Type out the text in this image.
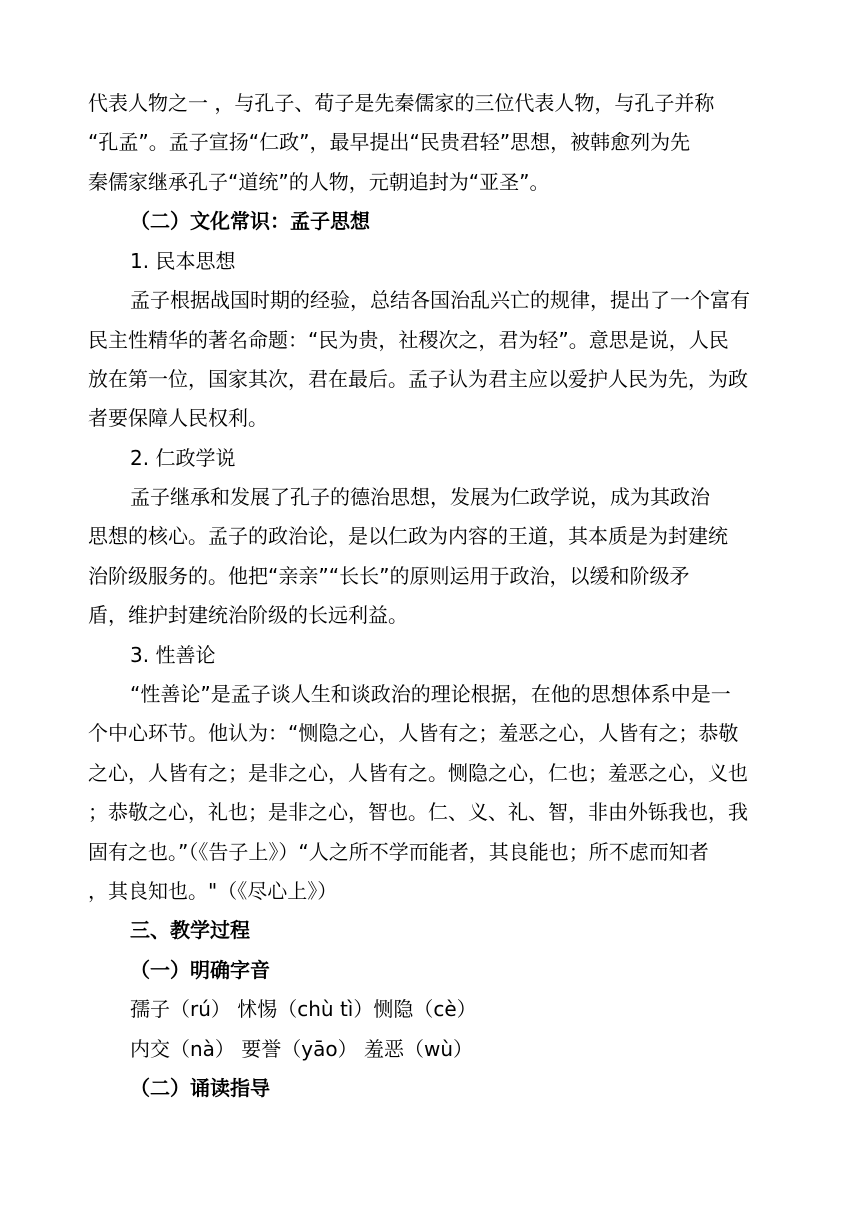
代表人物之一 ，与孔子、荀子是先秦儒家的三位代表人物，与孔子并称
“孔孟”。孟子宣扬“仁政”，最早提出“民贵君轻”思想，被韩愈列为先
秦儒家继承孔子“道统”的人物，元朝追封为“亚圣”。
（二）文化常识：孟子思想
1. 民本思想
孟子根据战国时期的经验，总结各国治乱兴亡的规律，提出了一个富有
民主性精华的著名命题：“民为贵，社稷次之，君为轻”。意思是说，人民
放在第一位，国家其次，君在最后。孟子认为君主应以爱护人民为先，为政
者要保障人民权利。
2. 仁政学说
孟子继承和发展了孔子的德治思想，发展为仁政学说，成为其政治
思想的核心。孟子的政治论，是以仁政为内容的王道，其本质是为封建统
治阶级服务的。他把“亲亲”“长长”的原则运用于政治，以缓和阶级矛
盾，维护封建统治阶级的长远利益。
3. 性善论
“性善论”是孟子谈人生和谈政治的理论根据，在他的思想体系中是一
个中心环节。他认为：“恻隐之心，人皆有之；羞恶之心，人皆有之；恭敬
之心，人皆有之；是非之心，人皆有之。恻隐之心，仁也；羞恶之心，义也
；恭敬之心，礼也；是非之心，智也。仁、义、礼、智，非由外铄我也，我
固有之也。”（《告子上》）“人之所不学而能者，其良能也；所不虑而知者
，其良知也。"（《尽心上》）
三、教学过程
（一）明确字音
孺子（rú） 怵惕（chù tì）恻隐（cè）
内交（nà） 要誉（yāo） 羞恶（wù）
（二）诵读指导
